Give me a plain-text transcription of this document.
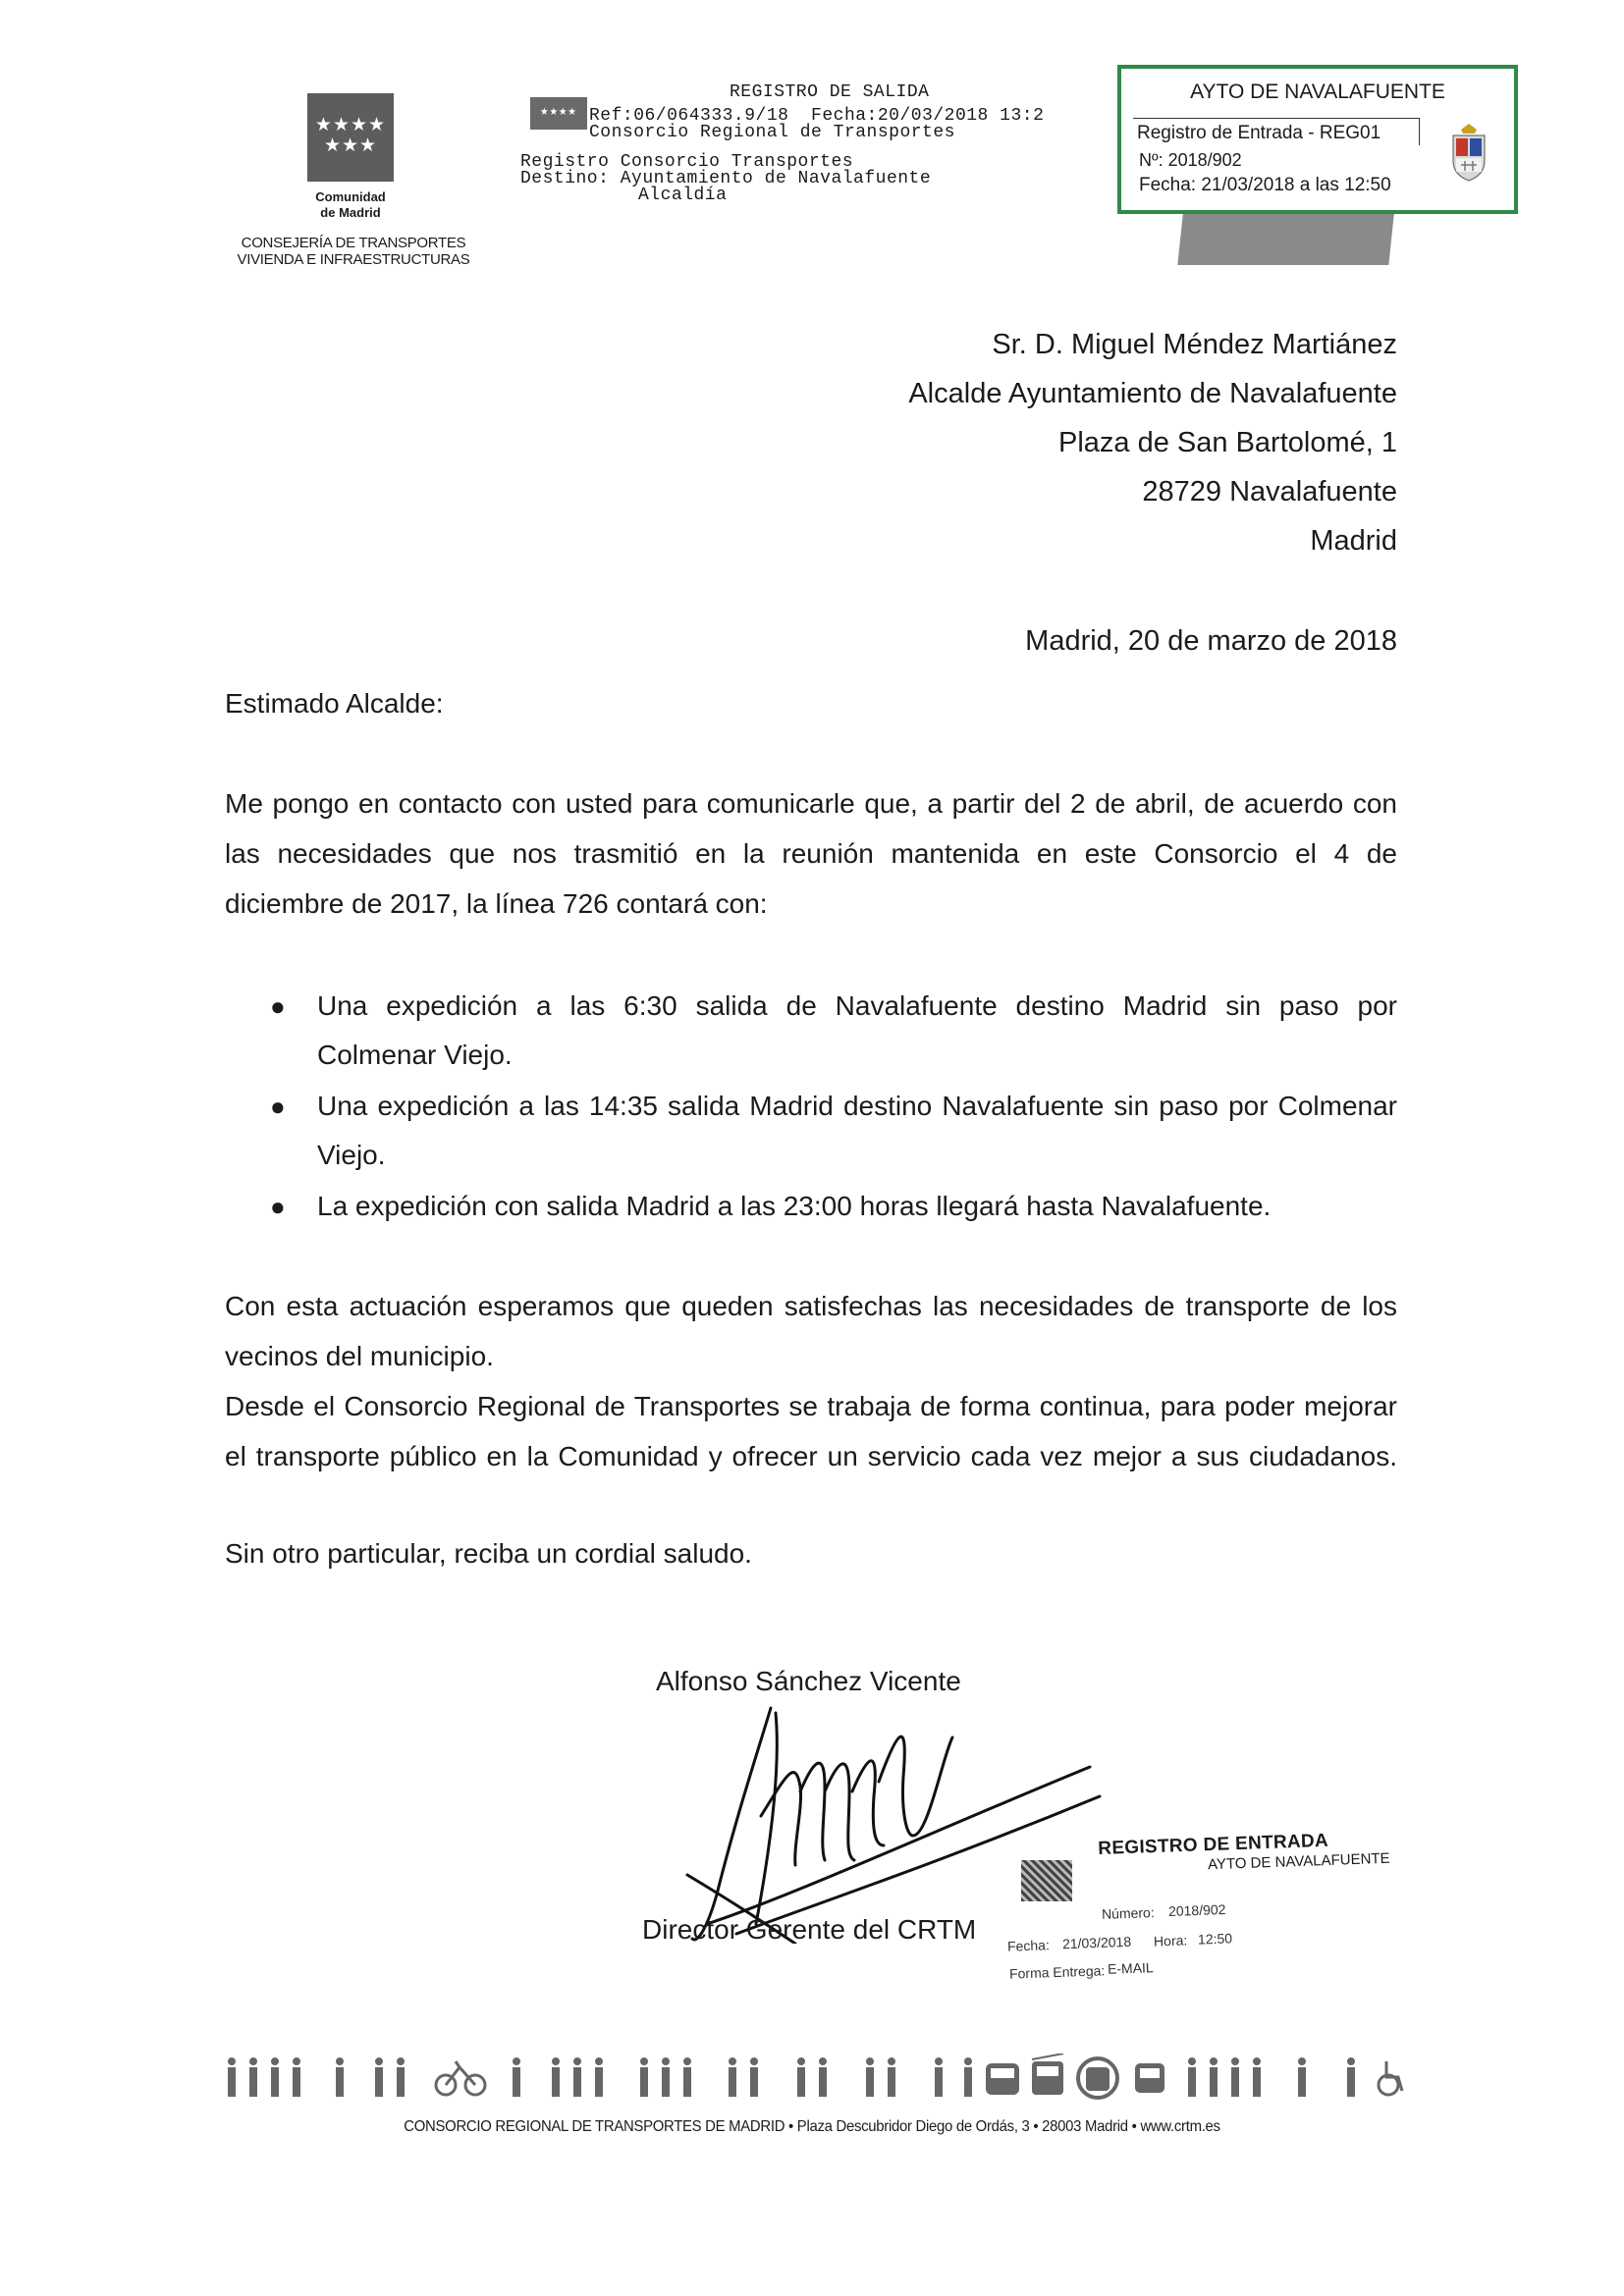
★★★★
★★★
Comunidad
de Madrid
CONSEJERÍA DE TRANSPORTES
VIVIENDA E INFRAESTRUCTURAS
★★★★
REGISTRO DE SALIDA
Ref:06/064333.9/18  Fecha:20/03/2018 13:2
Consorcio Regional de Transportes
Registro Consorcio Transportes
Destino: Ayuntamiento de Navalafuente
Alcaldía
AYTO DE NAVALAFUENTE
Registro de Entrada - REG01
Nº: 2018/902
Fecha: 21/03/2018 a las 12:50
Sr. D. Miguel Méndez Martiánez
Alcalde Ayuntamiento de Navalafuente
Plaza de San Bartolomé, 1
28729 Navalafuente
Madrid
Madrid, 20 de marzo de 2018
Estimado Alcalde:
Me pongo en contacto con usted para comunicarle que, a partir del 2 de abril, de acuerdo con
las necesidades que nos trasmitió en la reunión mantenida en este Consorcio el 4 de
diciembre de 2017, la línea 726 contará con:
● Una expedición a las 6:30 salida de Navalafuente destino Madrid sin paso por
Colmenar Viejo.
● Una expedición a las 14:35 salida Madrid destino Navalafuente sin paso por Colmenar
Viejo.
● La expedición con salida Madrid a las 23:00 horas llegará hasta Navalafuente.
Con esta actuación esperamos que queden satisfechas las necesidades de transporte de los
vecinos del municipio.
Desde el Consorcio Regional de Transportes se trabaja de forma continua, para poder mejorar
el transporte público en la Comunidad y ofrecer un servicio cada vez mejor a sus ciudadanos.
Sin otro particular, reciba un cordial saludo.
Alfonso Sánchez Vicente
Director Gerente del CRTM
REGISTRO DE ENTRADA
AYTO DE NAVALAFUENTE
Número: 2018/902
Fecha: 21/03/2018 Hora: 12:50
Forma Entrega: E-MAIL
CONSORCIO REGIONAL DE TRANSPORTES DE MADRID • Plaza Descubridor Diego de Ordás, 3 • 28003 Madrid • www.crtm.es
